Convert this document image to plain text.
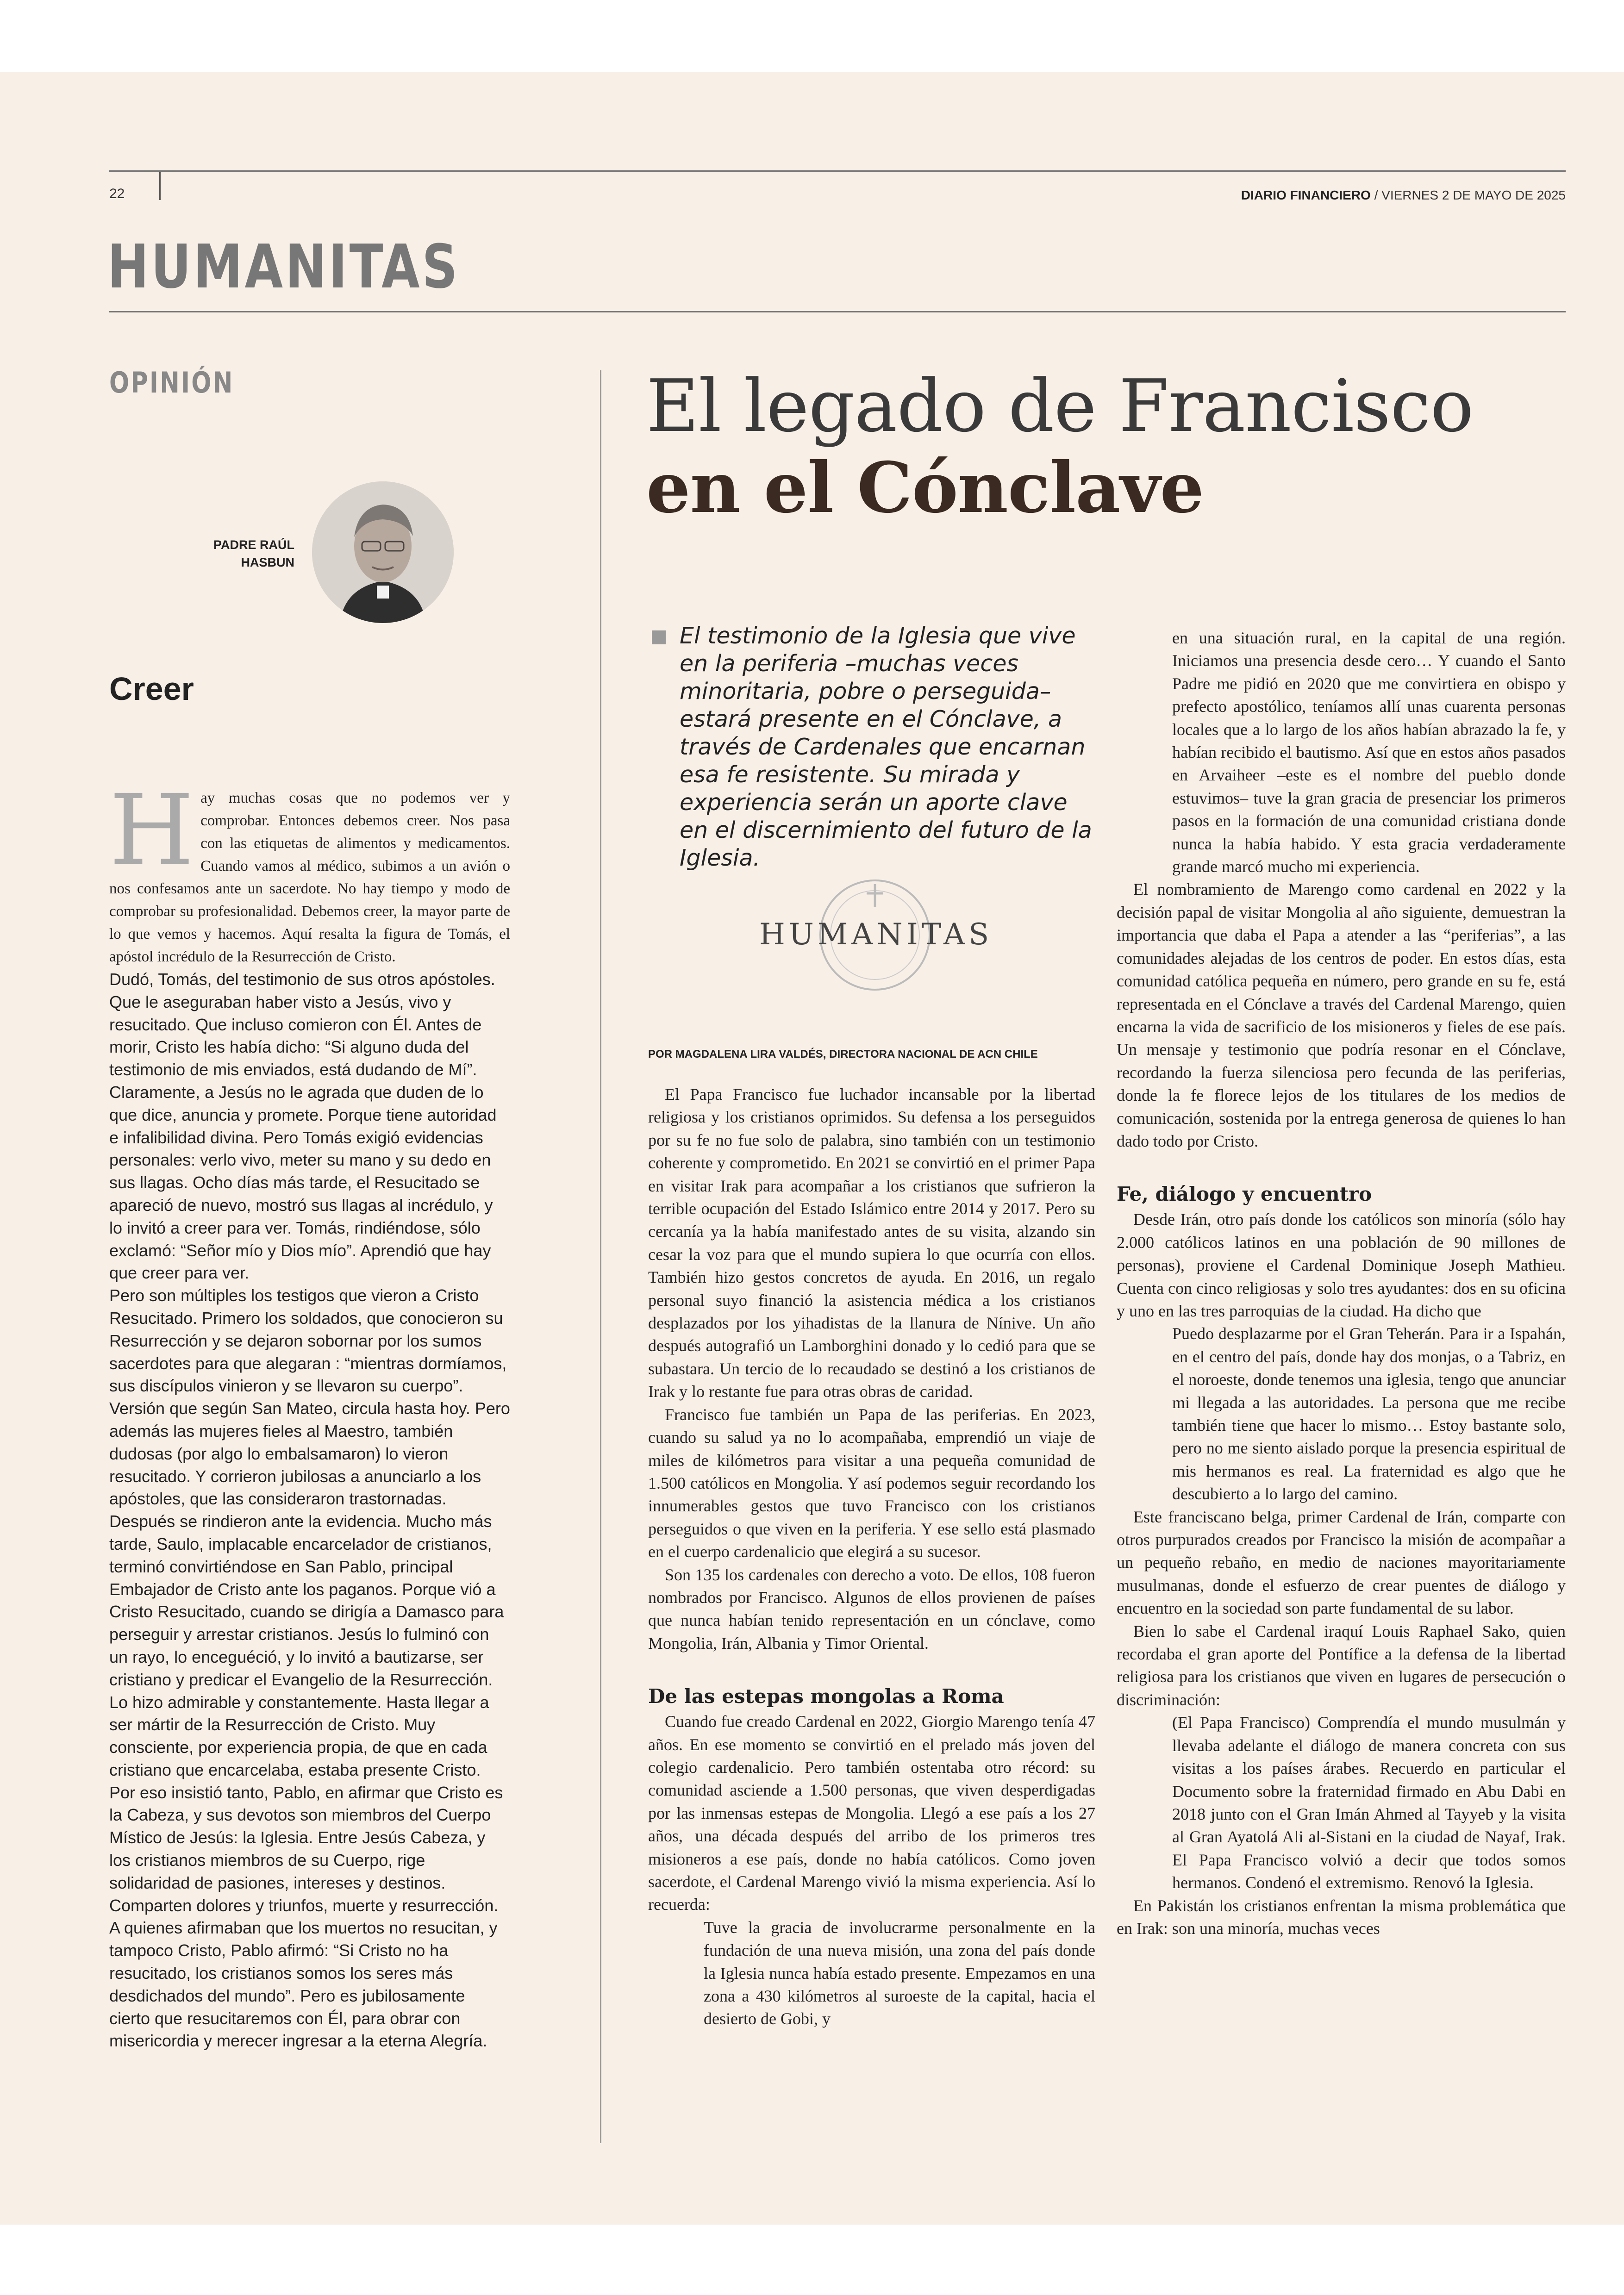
22	DIARIO FINANCIERO / VIERNES 2 DE MAYO DE 2025
HUMANITAS
OPINIÓN
PADRE RAÚL
HASBUN
Creer

Hay muchas cosas que no podemos ver y comprobar. Entonces debemos creer. Nos pasa con las etiquetas de alimentos y medicamentos. Cuando vamos al médico, subimos a un avión o nos confesamos ante un sacerdote. No hay tiempo y modo de comprobar su profesionalidad. Debemos creer, la mayor parte de lo que vemos y hacemos. Aquí resalta la figura de Tomás, el apóstol incrédulo de la Resurrección de Cristo.

Dudó, Tomás, del testimonio de sus otros apóstoles. Que le aseguraban haber visto a Jesús, vivo y resucitado. Que incluso comieron con Él. Antes de morir, Cristo les había dicho: “Si alguno duda del testimonio de mis enviados, está dudando de Mí”. Claramente, a Jesús no le agrada que duden de lo que dice, anuncia y promete. Porque tiene autoridad e infalibilidad divina. Pero Tomás exigió evidencias personales: verlo vivo, meter su mano y su dedo en sus llagas. Ocho días más tarde, el Resucitado se apareció de nuevo, mostró sus llagas al incrédulo, y lo invitó a creer para ver. Tomás, rindiéndose, sólo exclamó: “Señor mío y Dios mío”. Aprendió que hay que creer para ver.

Pero son múltiples los testigos que vieron a Cristo Resucitado. Primero los soldados, que conocieron su Resurrección y se dejaron sobornar por los sumos sacerdotes para que alegaran : “mientras dormíamos, sus discípulos vinieron y se llevaron su cuerpo”. Versión que según San Mateo, circula hasta hoy. Pero además las mujeres fieles al Maestro, también dudosas (por algo lo embalsamaron) lo vieron resucitado. Y corrieron jubilosas a anunciarlo a los apóstoles, que las consideraron trastornadas. Después se rindieron ante la evidencia. Mucho más tarde, Saulo, implacable encarcelador de cristianos, terminó convirtiéndose en San Pablo, principal Embajador de Cristo ante los paganos. Porque vió a Cristo Resucitado, cuando se dirigía a Damasco para perseguir y arrestar cristianos. Jesús lo fulminó con un rayo, lo enceguéció, y lo invitó a bautizarse, ser cristiano y predicar el Evangelio de la Resurrección. Lo hizo admirable y constantemente. Hasta llegar a ser mártir de la Resurrección de Cristo. Muy consciente, por experiencia propia, de que en cada cristiano que encarcelaba, estaba presente Cristo. Por eso insistió tanto, Pablo, en afirmar que Cristo es la Cabeza, y sus devotos son miembros del Cuerpo Místico de Jesús: la Iglesia. Entre Jesús Cabeza, y los cristianos miembros de su Cuerpo, rige solidaridad de pasiones, intereses y destinos. Comparten dolores y triunfos, muerte y resurrección. A quienes afirmaban que los muertos no resucitan, y tampoco Cristo, Pablo afirmó: “Si Cristo no ha resucitado, los cristianos somos los seres más desdichados del mundo”. Pero es jubilosamente cierto que resucitaremos con Él, para obrar con misericordia y merecer ingresar a la eterna Alegría.

El legado de Francisco
en el Cónclave
El testimonio de la Iglesia que vive en la periferia –muchas veces minoritaria, pobre o perseguida– estará presente en el Cónclave, a través de Cardenales que encarnan esa fe resistente. Su mirada y experiencia serán un aporte clave en el discernimiento del futuro de la Iglesia.
HUMANITAS
POR MAGDALENA LIRA VALDÉS, DIRECTORA NACIONAL DE ACN CHILE

El Papa Francisco fue luchador incansable por la libertad religiosa y los cristianos oprimidos. Su defensa a los perseguidos por su fe no fue solo de palabra, sino también con un testimonio coherente y comprometido. En 2021 se convirtió en el primer Papa en visitar Irak para acompañar a los cristianos que sufrieron la terrible ocupación del Estado Islámico entre 2014 y 2017. Pero su cercanía ya la había manifestado antes de su visita, alzando sin cesar la voz para que el mundo supiera lo que ocurría con ellos. También hizo gestos concretos de ayuda. En 2016, un regalo personal suyo financió la asistencia médica a los cristianos desplazados por los yihadistas de la llanura de Nínive. Un año después autografió un Lamborghini donado y lo cedió para que se subastara. Un tercio de lo recaudado se destinó a los cristianos de Irak y lo restante fue para otras obras de caridad.

Francisco fue también un Papa de las periferias. En 2023, cuando su salud ya no lo acompañaba, emprendió un viaje de miles de kilómetros para visitar a una pequeña comunidad de 1.500 católicos en Mongolia. Y así podemos seguir recordando los innumerables gestos que tuvo Francisco con los cristianos perseguidos o que viven en la periferia. Y ese sello está plasmado en el cuerpo cardenalicio que elegirá a su sucesor.

Son 135 los cardenales con derecho a voto. De ellos, 108 fueron nombrados por Francisco. Algunos de ellos provienen de países que nunca habían tenido representación en un cónclave, como Mongolia, Irán, Albania y Timor Oriental.

De las estepas mongolas a Roma

Cuando fue creado Cardenal en 2022, Giorgio Marengo tenía 47 años. En ese momento se convirtió en el prelado más joven del colegio cardenalicio. Pero también ostentaba otro récord: su comunidad asciende a 1.500 personas, que viven desperdigadas por las inmensas estepas de Mongolia. Llegó a ese país a los 27 años, una década después del arribo de los primeros tres misioneros a ese país, donde no había católicos. Como joven sacerdote, el Cardenal Marengo vivió la misma experiencia. Así lo recuerda:

Tuve la gracia de involucrarme personalmente en la fundación de una nueva misión, una zona del país donde la Iglesia nunca había estado presente. Empezamos en una zona a 430 kilómetros al suroeste de la capital, hacia el desierto de Gobi, y

en una situación rural, en la capital de una región. Iniciamos una presencia desde cero… Y cuando el Santo Padre me pidió en 2020 que me convirtiera en obispo y prefecto apostólico, teníamos allí unas cuarenta personas locales que a lo largo de los años habían abrazado la fe, y habían recibido el bautismo. Así que en estos años pasados en Arvaiheer –este es el nombre del pueblo donde estuvimos– tuve la gran gracia de presenciar los primeros pasos en la formación de una comunidad cristiana donde nunca la había habido. Y esta gracia verdaderamente grande marcó mucho mi experiencia.

El nombramiento de Marengo como cardenal en 2022 y la decisión papal de visitar Mongolia al año siguiente, demuestran la importancia que daba el Papa a atender a las “periferias”, a las comunidades alejadas de los centros de poder. En estos días, esta comunidad católica pequeña en número, pero grande en su fe, está representada en el Cónclave a través del Cardenal Marengo, quien encarna la vida de sacrificio de los misioneros y fieles de ese país. Un mensaje y testimonio que podría resonar en el Cónclave, recordando la fuerza silenciosa pero fecunda de las periferias, donde la fe florece lejos de los titulares de los medios de comunicación, sostenida por la entrega generosa de quienes lo han dado todo por Cristo.

Fe, diálogo y encuentro

Desde Irán, otro país donde los católicos son minoría (sólo hay 2.000 católicos latinos en una población de 90 millones de personas), proviene el Cardenal Dominique Joseph Mathieu. Cuenta con cinco religiosas y solo tres ayudantes: dos en su oficina y uno en las tres parroquias de la ciudad. Ha dicho que

Puedo desplazarme por el Gran Teherán. Para ir a Ispahán, en el centro del país, donde hay dos monjas, o a Tabriz, en el noroeste, donde tenemos una iglesia, tengo que anunciar mi llegada a las autoridades. La persona que me recibe también tiene que hacer lo mismo… Estoy bastante solo, pero no me siento aislado porque la presencia espiritual de mis hermanos es real. La fraternidad es algo que he descubierto a lo largo del camino.

Este franciscano belga, primer Cardenal de Irán, comparte con otros purpurados creados por Francisco la misión de acompañar a un pequeño rebaño, en medio de naciones mayoritariamente musulmanas, donde el esfuerzo de crear puentes de diálogo y encuentro en la sociedad son parte fundamental de su labor.

Bien lo sabe el Cardenal iraquí Louis Raphael Sako, quien recordaba el gran aporte del Pontífice a la defensa de la libertad religiosa para los cristianos que viven en lugares de persecución o discriminación:

(El Papa Francisco) Comprendía el mundo musulmán y llevaba adelante el diálogo de manera concreta con sus visitas a los países árabes. Recuerdo en particular el Documento sobre la fraternidad firmado en Abu Dabi en 2018 junto con el Gran Imán Ahmed al Tayyeb y la visita al Gran Ayatolá Ali al-Sistani en la ciudad de Nayaf, Irak. El Papa Francisco volvió a decir que todos somos hermanos. Condenó el extremismo. Renovó la Iglesia.

En Pakistán los cristianos enfrentan la misma problemática que en Irak: son una minoría, muchas veces
